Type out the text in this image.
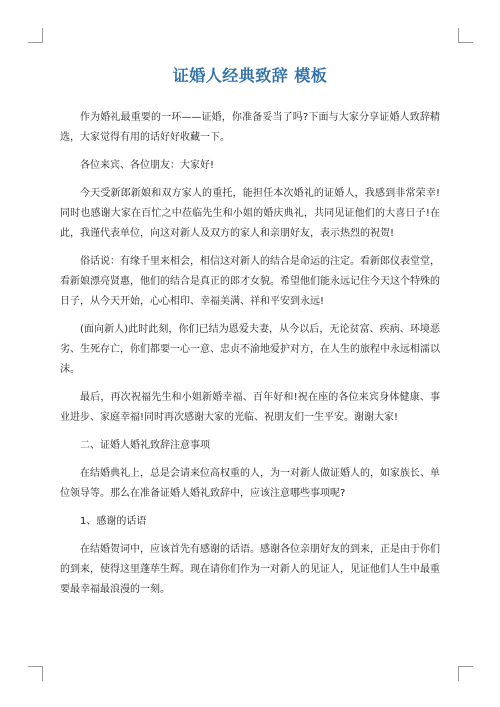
证婚人经典致辞 模板

作为婚礼最重要的一环——证婚，你准备妥当了吗?下面与大家分享证婚人致辞精选，大家觉得有用的话好好收藏一下。

各位来宾、各位朋友：大家好!

今天受新郎新娘和双方家人的重托，能担任本次婚礼的证婚人，我感到非常荣幸!同时也感谢大家在百忙之中莅临先生和小姐的婚庆典礼，共同见证他们的大喜日子!在此，我谨代表单位，向这对新人及双方的家人和亲朋好友，表示热烈的祝贺!

俗话说：有缘千里来相会，相信这对新人的结合是命运的注定。看新郎仪表堂堂，看新娘漂亮贤惠，他们的结合是真正的郎才女貌。希望他们能永远记住今天这个特殊的日子，从今天开始，心心相印、幸福美满、祥和平安到永远!

(面向新人)此时此刻，你们已结为恩爱夫妻，从今以后，无论贫富、疾病、环境恶劣、生死存亡，你们都要一心一意、忠贞不渝地爱护对方，在人生的旅程中永远相濡以沫。

最后，再次祝福先生和小姐新婚幸福、百年好和!祝在座的各位来宾身体健康、事业进步、家庭幸福!同时再次感谢大家的光临、祝朋友们一生平安。谢谢大家!

二、证婚人婚礼致辞注意事项

在结婚典礼上，总是会请来位高权重的人，为一对新人做证婚人的，如家族长、单位领导等。那么在准备证婚人婚礼致辞中，应该注意哪些事项呢?

1、感谢的话语

在结婚贺词中，应该首先有感谢的话语。感谢各位亲朋好友的到来，正是由于你们的到来，使得这里蓬荜生辉。现在请你们作为一对新人的见证人，见证他们人生中最重要最幸福最浪漫的一刻。
